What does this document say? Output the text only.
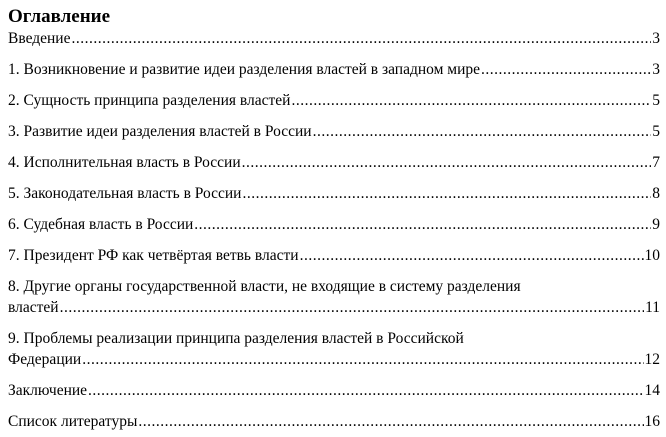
Оглавление
Введение .....	3
1. Возникновение и развитие идеи разделения властей в западном мире .....	3
2. Сущность принципа разделения властей .....	5
3. Развитие идеи разделения властей в России .....	5
4. Исполнительная власть в России .....	7
5. Законодательная власть в России .....	8
6. Судебная власть в России .....	9
7. Президент РФ как четвёртая ветвь власти .....	10
8. Другие органы государственной власти, не входящие в систему разделения
властей .....	11
9. Проблемы реализации принципа разделения властей в Российской
Федерации .....	12
Заключение .....	14
Список литературы .....	16
